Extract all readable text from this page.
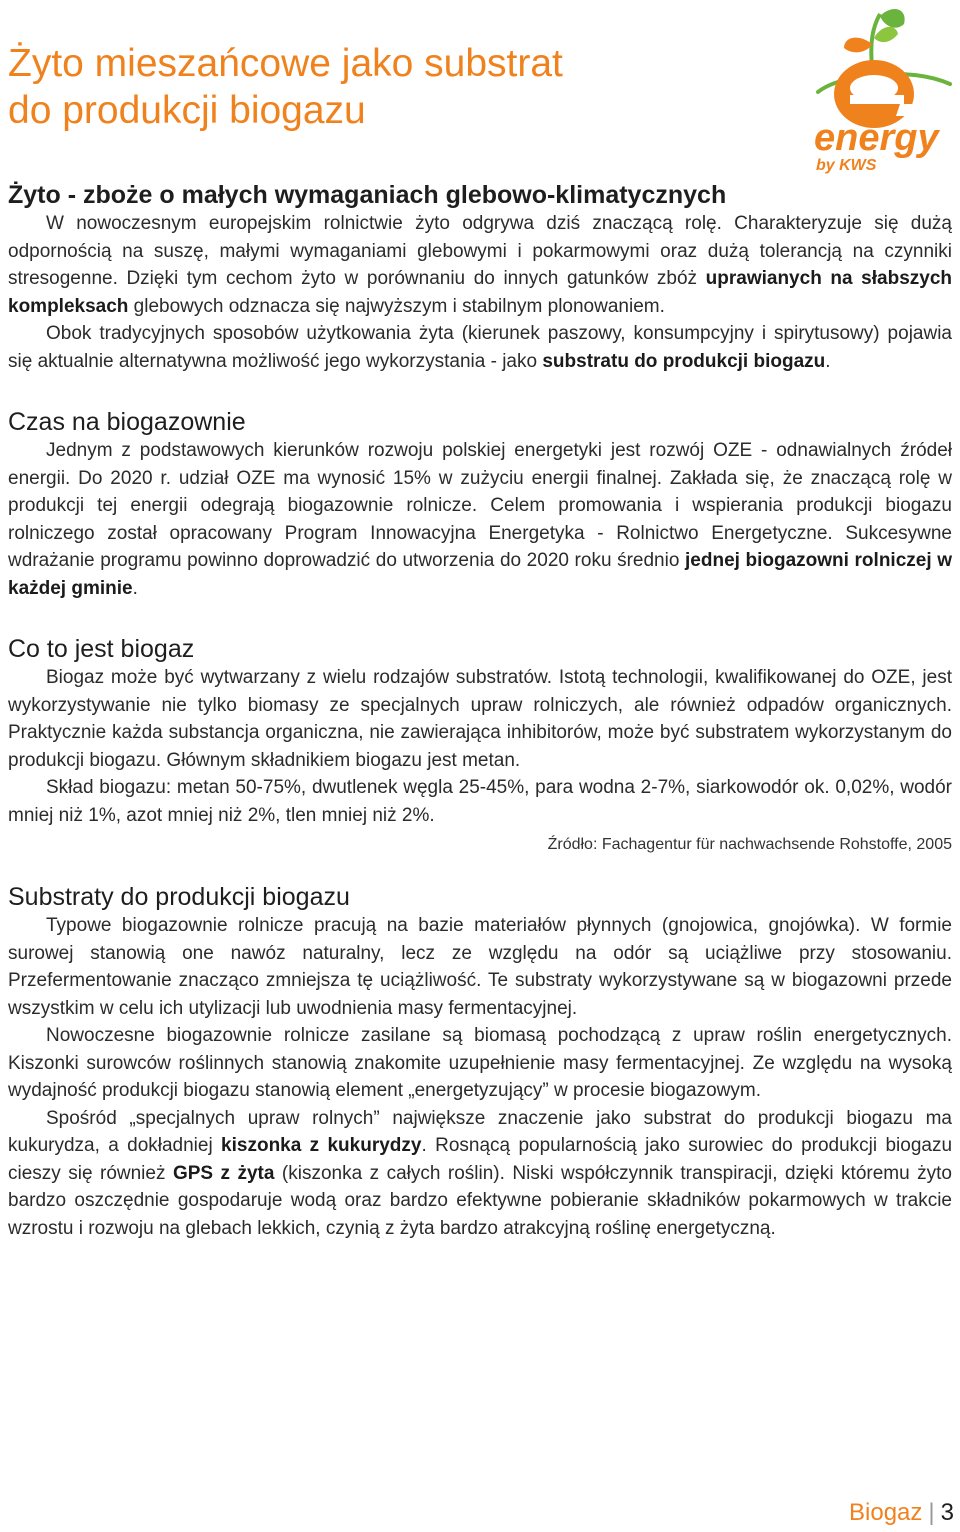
Żyto mieszańcowe jako substrat
do produkcji biogazu
energy
by KWS
Żyto - zboże o małych wymaganiach glebowo-klimatycznych

W nowoczesnym europejskim rolnictwie żyto odgrywa dziś znaczącą rolę. Charakteryzuje się dużą odpornością na suszę, małymi wymaganiami glebowymi i pokarmowymi oraz dużą tolerancją na czynniki stresogenne. Dzięki tym cechom żyto w porównaniu do innych gatunków zbóż uprawianych na słabszych kompleksach glebowych odznacza się najwyższym i stabilnym plonowaniem.

Obok tradycyjnych sposobów użytkowania żyta (kierunek paszowy, konsumpcyjny i spirytusowy) pojawia się aktualnie alternatywna możliwość jego wykorzystania - jako substratu do produkcji biogazu.

Czas na biogazownie

Jednym z podstawowych kierunków rozwoju polskiej energetyki jest rozwój OZE - odnawialnych źródeł energii. Do 2020 r. udział OZE ma wynosić 15% w zużyciu energii finalnej. Zakłada się, że znaczącą rolę w produkcji tej energii odegrają biogazownie rolnicze. Celem promowania i wspierania produkcji biogazu rolniczego został opracowany Program Innowacyjna Energetyka - Rolnictwo Energetyczne. Sukcesywne wdrażanie programu powinno doprowadzić do utworzenia do 2020 roku średnio jednej biogazowni rolniczej w każdej gminie.

Co to jest biogaz

Biogaz może być wytwarzany z wielu rodzajów substratów. Istotą technologii, kwalifikowanej do OZE, jest wykorzystywanie nie tylko biomasy ze specjalnych upraw rolniczych, ale również odpadów organicznych. Praktycznie każda substancja organiczna, nie zawierająca inhibitorów, może być substratem wykorzystanym do produkcji biogazu. Głównym składnikiem biogazu jest metan.

Skład biogazu: metan 50-75%, dwutlenek węgla 25-45%, para wodna 2-7%, siarkowodór ok. 0,02%, wodór mniej niż 1%, azot mniej niż 2%, tlen mniej niż 2%.

Źródło: Fachagentur für nachwachsende Rohstoffe, 2005
Substraty do produkcji biogazu

Typowe biogazownie rolnicze pracują na bazie materiałów płynnych (gnojowica, gnojówka). W formie surowej stanowią one nawóz naturalny, lecz ze względu na odór są uciążliwe przy stosowaniu. Przefermentowanie znacząco zmniejsza tę uciążliwość. Te substraty wykorzystywane są w biogazowni przede wszystkim w celu ich utylizacji lub uwodnienia masy fermentacyjnej.

Nowoczesne biogazownie rolnicze zasilane są biomasą pochodzącą z upraw roślin energetycznych. Kiszonki surowców roślinnych stanowią znakomite uzupełnienie masy fermentacyjnej. Ze względu na wysoką wydajność produkcji biogazu stanowią element „energetyzujący” w procesie biogazowym.

Spośród „specjalnych upraw rolnych” największe znaczenie jako substrat do produkcji biogazu ma kukurydza, a dokładniej kiszonka z kukurydzy. Rosnącą popularnością jako surowiec do produkcji biogazu cieszy się również GPS z żyta (kiszonka z całych roślin). Niski współczynnik transpiracji, dzięki któremu żyto bardzo oszczędnie gospodaruje wodą oraz bardzo efektywne pobieranie składników pokarmowych w trakcie wzrostu i rozwoju na glebach lekkich, czynią z żyta bardzo atrakcyjną roślinę energetyczną.

Biogaz | 3
